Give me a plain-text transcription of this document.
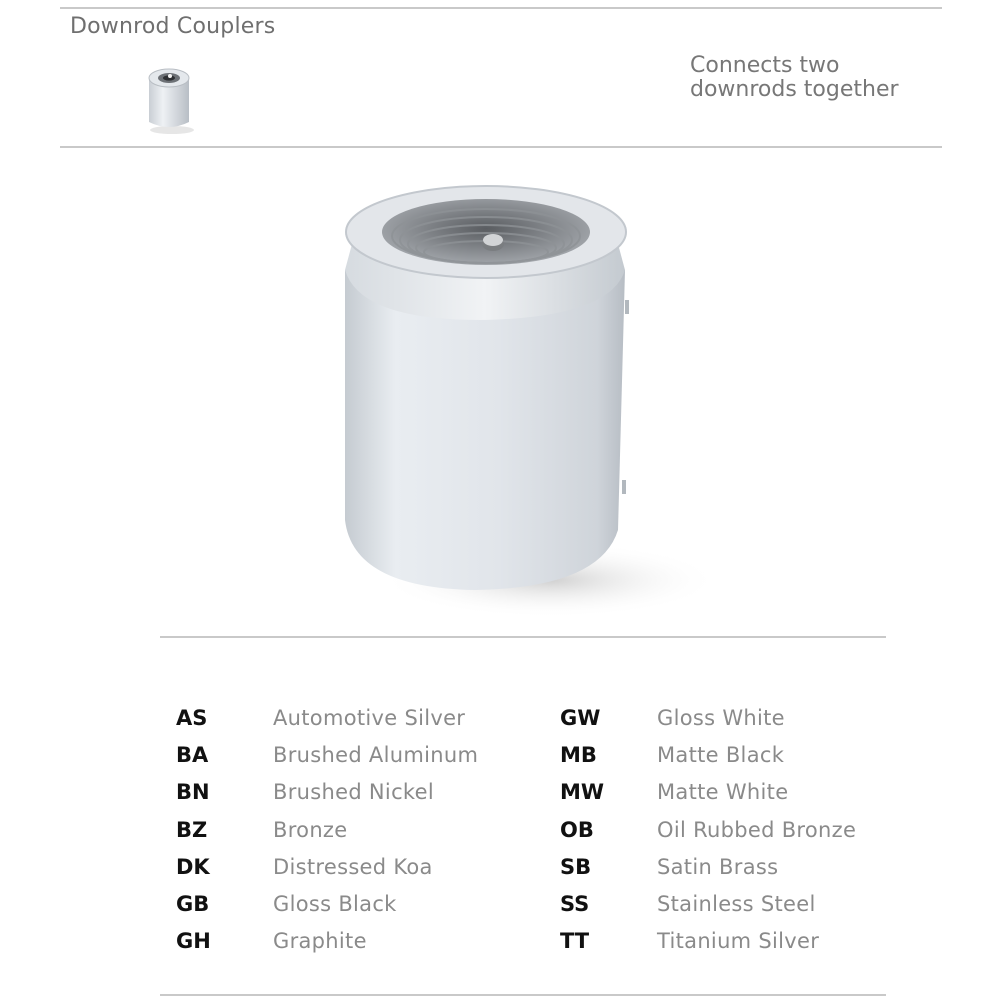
Downrod Couplers
Connects two downrods together
AS	Automotive Silver
BA	Brushed Aluminum
BN	Brushed Nickel
BZ	Bronze
DK	Distressed Koa
GB	Gloss Black
GH	Graphite
GW	Gloss White
MB	Matte Black
MW	Matte White
OB	Oil Rubbed Bronze
SB	Satin Brass
SS	Stainless Steel
TT	Titanium Silver
